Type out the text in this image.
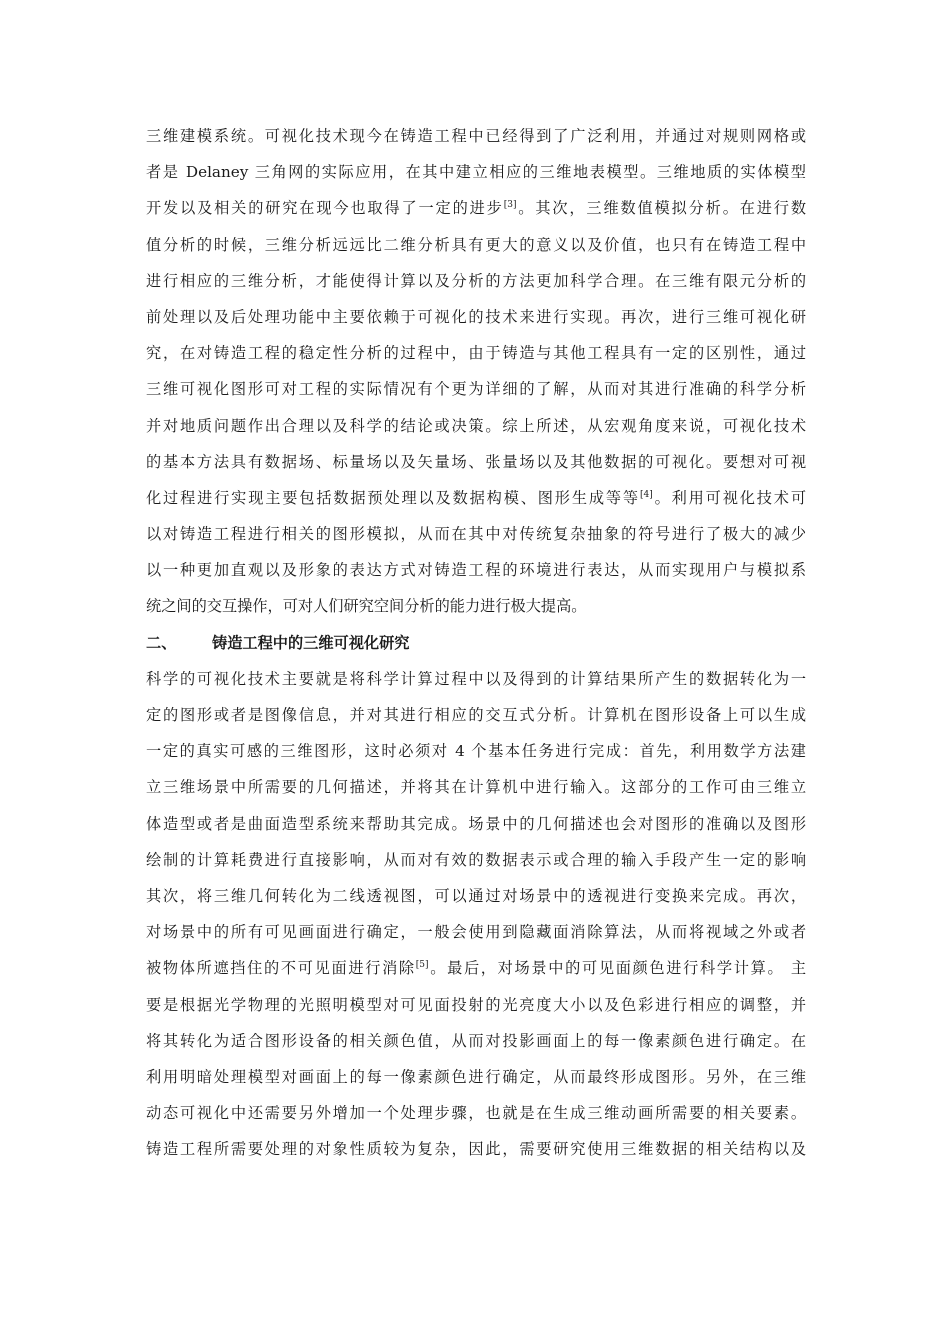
三维建模系统。可视化技术现今在铸造工程中已经得到了广泛利用，并通过对规则网格或
者是 Delaney 三角网的实际应用，在其中建立相应的三维地表模型。三维地质的实体模型
开发以及相关的研究在现今也取得了一定的进步[3]。其次，三维数值模拟分析。在进行数
值分析的时候，三维分析远远比二维分析具有更大的意义以及价值，也只有在铸造工程中
进行相应的三维分析，才能使得计算以及分析的方法更加科学合理。在三维有限元分析的
前处理以及后处理功能中主要依赖于可视化的技术来进行实现。再次，进行三维可视化研
究，在对铸造工程的稳定性分析的过程中，由于铸造与其他工程具有一定的区别性，通过
三维可视化图形可对工程的实际情况有个更为详细的了解，从而对其进行准确的科学分析
并对地质问题作出合理以及科学的结论或决策。综上所述，从宏观角度来说，可视化技术
的基本方法具有数据场、标量场以及矢量场、张量场以及其他数据的可视化。要想对可视
化过程进行实现主要包括数据预处理以及数据构模、图形生成等等[4]。利用可视化技术可
以对铸造工程进行相关的图形模拟，从而在其中对传统复杂抽象的符号进行了极大的减少
以一种更加直观以及形象的表达方式对铸造工程的环境进行表达，从而实现用户与模拟系
统之间的交互操作，可对人们研究空间分析的能力进行极大提高。
二、 铸造工程中的三维可视化研究
科学的可视化技术主要就是将科学计算过程中以及得到的计算结果所产生的数据转化为一
定的图形或者是图像信息，并对其进行相应的交互式分析。计算机在图形设备上可以生成
一定的真实可感的三维图形，这时必须对 4 个基本任务进行完成：首先，利用数学方法建
立三维场景中所需要的几何描述，并将其在计算机中进行输入。这部分的工作可由三维立
体造型或者是曲面造型系统来帮助其完成。场景中的几何描述也会对图形的准确以及图形
绘制的计算耗费进行直接影响，从而对有效的数据表示或合理的输入手段产生一定的影响
其次，将三维几何转化为二线透视图，可以通过对场景中的透视进行变换来完成。再次，
对场景中的所有可见画面进行确定，一般会使用到隐藏面消除算法，从而将视域之外或者
被物体所遮挡住的不可见面进行消除[5]。最后，对场景中的可见面颜色进行科学计算。 主
要是根据光学物理的光照明模型对可见面投射的光亮度大小以及色彩进行相应的调整，并
将其转化为适合图形设备的相关颜色值，从而对投影画面上的每一像素颜色进行确定。在
利用明暗处理模型对画面上的每一像素颜色进行确定，从而最终形成图形。另外，在三维
动态可视化中还需要另外增加一个处理步骤，也就是在生成三维动画所需要的相关要素。
铸造工程所需要处理的对象性质较为复杂，因此，需要研究使用三维数据的相关结构以及
